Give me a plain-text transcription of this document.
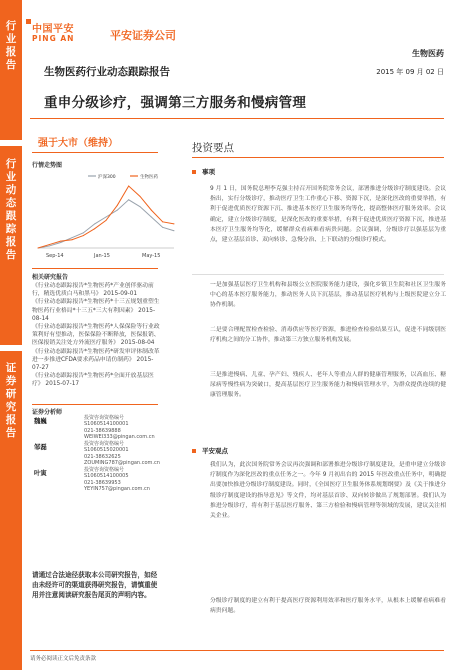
行业报告
行业动态跟踪报告
证券研究报告
中国平安
PING AN	平安证券公司
生物医药
2015 年 09 月 02 日
生物医药行业动态跟踪报告
重申分级诊疗，强调第三方服务和慢病管理
强于大市（维持）
行情走势图
沪深300	生物医药
Sep-14	Jan-15	May-15
相关研究报告
《行业动态跟踪报告*生物医药*产业创伴驱动前行，精选优质白马和黑马》 2015-09-01
《行业动态跟踪报告*生物医药*十三五规划重塑生物医药行业格局*十三五*三大有利因素》 2015-08-14
《行业动态跟踪报告*生物医药*人保保险等行业政策利好有望推动，医保保险不断释放，医保报销、医保报销关注处方外流医疗服务》 2015-08-04
《行业动态跟踪报告*生物医药*研发审评体制改革进一步推进CFDA要求药品申请仿制药》 2015-07-27
《行业动态跟踪报告*生物医药*全面开放基层医疗》 2015-07-17
证券分析师
魏巍	投资咨询资格编号
S1060514100001
021-38639888
WEIWEI333@pingan.com.cn
邹磊	投资咨询资格编号
S1060515020001
021-38632625
ZOUMING787@pingan.com.cn
叶寅	投资咨询资格编号
S1060514100005
021-38639953
YEYIN757@pingan.com.cn
请通过合法途径获取本公司研究报告，如经由未经许可的渠道获得研究报告，请慎重使用并注意阅读研究报告尾页的声明内容。
投资要点
事项
9 月 1 日，国务院总理李克强主持召开国务院常务会议，部署推进分级诊疗制度建设。会议指出，实行分级诊疗，推动医疗卫生工作重心下移、资源下沉，是深化医改的重要举措，有利于促进优质医疗资源下沉、推进基本医疗卫生服务均等化，提高整体医疗服务效率。会议确定，建立分级诊疗制度，是深化医改的重要举措，有利于促进优质医疗资源下沉，推进基本医疗卫生服务均等化，缓解群众看病难看病贵问题。会议强调，分级诊疗以强基层为重点，建立基层首诊、双向转诊、急慢分治、上下联动的分级诊疗模式。
一是加强基层医疗卫生机构和县级公立医院服务能力建设，强化乡镇卫生院和社区卫生服务中心的基本医疗服务能力，推动医务人员下沉基层，推动基层医疗机构与上级医院建立分工协作机制。
二是要合理配置检查检验、消毒供应等医疗资源，推进检查检验结果互认，促进不同级别医疗机构之间的分工协作，推动第三方独立服务机构发展。
三是推进慢病、儿童、孕产妇、残疾人、老年人等重点人群的健康管理服务，以高血压、糖尿病等慢性病为突破口，提高基层医疗卫生服务能力和慢病管理水平，为群众提供连续的健康管理服务。
平安观点
我们认为，此次国务院常务会议再次强调和部署推进分级诊疗制度建设，是重申建立分级诊疗制度作为深化医改的重点任务之一。今年 9 月初出台的 2015 年医改重点任务中，明确提出要加快推进分级诊疗制度建设。同时，《全国医疗卫生服务体系规划纲要》及《关于推进分级诊疗制度建设的指导意见》等文件，均对基层首诊、双向转诊做出了规划部署。我们认为推进分级诊疗，将有利于基层医疗服务、第三方检验和慢病管理等领域的发展，建议关注相关企业。
分级诊疗制度的建立有利于提高医疗资源利用效率和医疗服务水平，从根本上缓解看病难看病贵问题。
请务必阅读正文后免责条款
